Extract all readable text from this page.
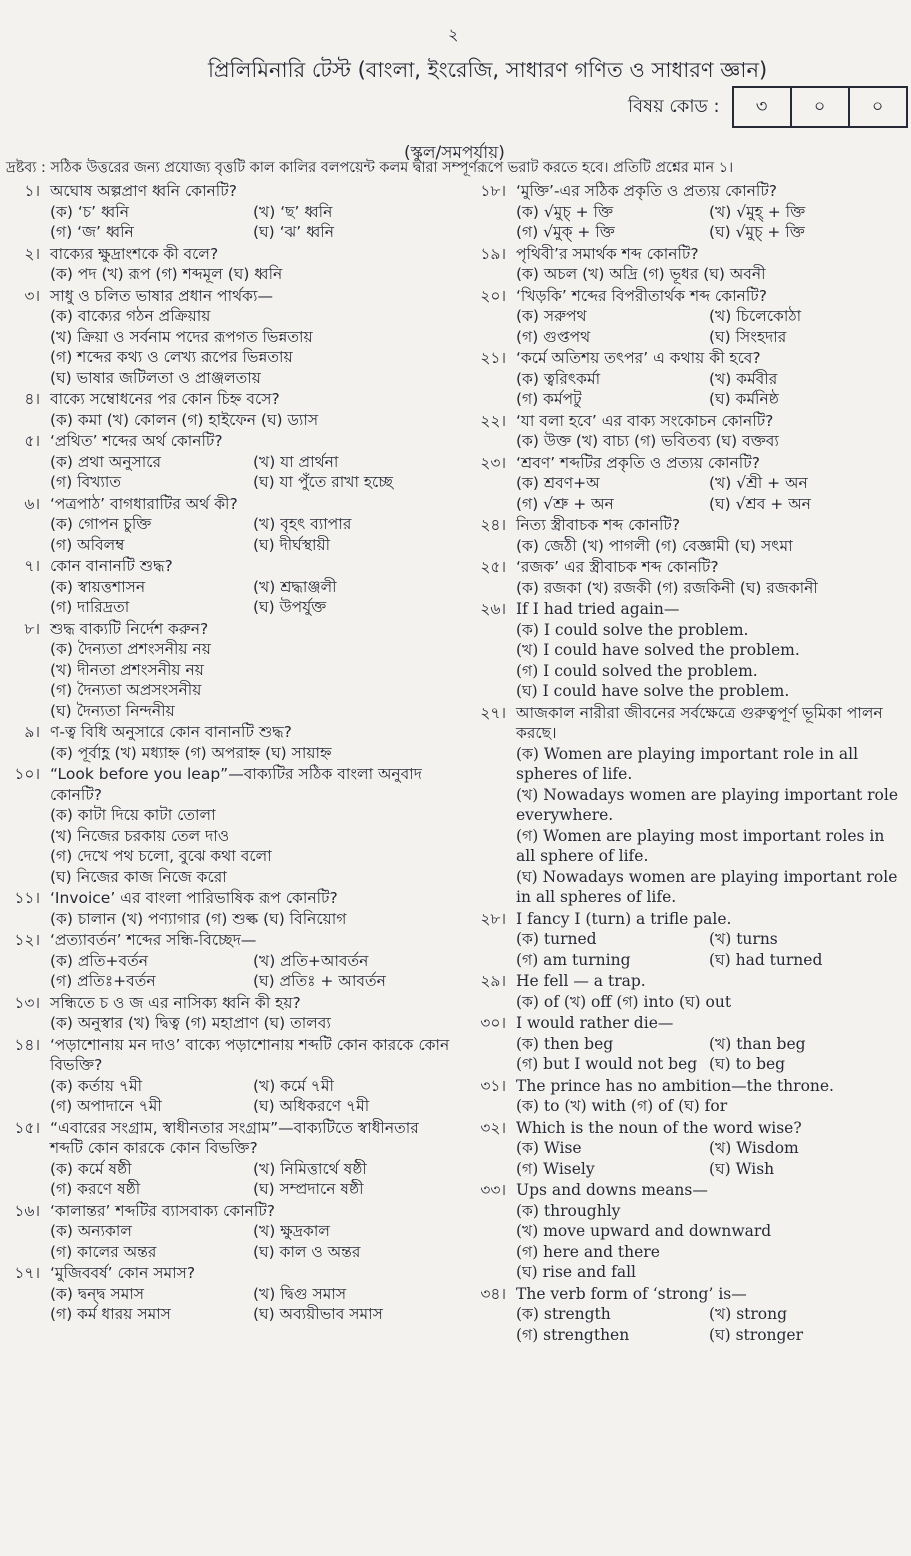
২
প্রিলিমিনারি টেস্ট (বাংলা, ইংরেজি, সাধারণ গণিত ও সাধারণ জ্ঞান)
বিষয় কোড :	৩	০	০
(স্কুল/সমপর্যায়)
দ্রষ্টব্য : সঠিক উত্তরের জন্য প্রযোজ্য বৃত্তটি কাল কালির বলপয়েন্ট কলম দ্বারা সম্পূর্ণরূপে ভরাট করতে হবে। প্রতিটি প্রশ্নের মান ১।
১। অঘোষ অল্পপ্রাণ ধ্বনি কোনটি?
(ক) ‘চ’ ধ্বনি	(খ) ‘ছ’ ধ্বনি
(গ) ‘জ’ ধ্বনি	(ঘ) ‘ঝ’ ধ্বনি
২। বাক্যের ক্ষুদ্রাংশকে কী বলে?
(ক) পদ (খ) রূপ (গ) শব্দমূল (ঘ) ধ্বনি
৩। সাধু ও চলিত ভাষার প্রধান পার্থক্য—
(ক) বাক্যের গঠন প্রক্রিয়ায়
(খ) ক্রিয়া ও সর্বনাম পদের রূপগত ভিন্নতায়
(গ) শব্দের কথ্য ও লেখ্য রূপের ভিন্নতায়
(ঘ) ভাষার জটিলতা ও প্রাঞ্জলতায়
৪। বাক্যে সম্বোধনের পর কোন চিহ্ন বসে?
(ক) কমা (খ) কোলন (গ) হাইফেন (ঘ) ড্যাস
৫। ‘প্রথিত’ শব্দের অর্থ কোনটি?
(ক) প্রথা অনুসারে	(খ) যা প্রার্থনা
(গ) বিখ্যাত	(ঘ) যা পুঁতে রাখা হচ্ছে
৬। ‘পত্রপাঠ’ বাগধারাটির অর্থ কী?
(ক) গোপন চুক্তি	(খ) বৃহৎ ব্যাপার
(গ) অবিলম্ব	(ঘ) দীর্ঘস্থায়ী
৭। কোন বানানটি শুদ্ধ?
(ক) স্বায়ত্তশাসন	(খ) শ্রদ্ধাঞ্জলী
(গ) দারিদ্রতা	(ঘ) উপর্যুক্ত
৮। শুদ্ধ বাক্যটি নির্দেশ করুন?
(ক) দৈন্যতা প্রশংসনীয় নয়
(খ) দীনতা প্রশংসনীয় নয়
(গ) দৈন্যতা অপ্রসংসনীয়
(ঘ) দৈন্যতা নিন্দনীয়
৯। ণ-ত্ব বিধি অনুসারে কোন বানানটি শুদ্ধ?
(ক) পূর্বাহ্ণ (খ) মধ্যাহ্ন (গ) অপরাহ্ন (ঘ) সায়াহ্ন
১০। “Look before you leap”—বাক্যটির সঠিক বাংলা অনুবাদ কোনটি?
(ক) কাটা দিয়ে কাটা তোলা
(খ) নিজের চরকায় তেল দাও
(গ) দেখে পথ চলো, বুঝে কথা বলো
(ঘ) নিজের কাজ নিজে করো
১১। ‘Invoice’ এর বাংলা পারিভাষিক রূপ কোনটি?
(ক) চালান (খ) পণ্যাগার (গ) শুল্ক (ঘ) বিনিয়োগ
১২। ‘প্রত্যাবর্তন’ শব্দের সন্ধি-বিচ্ছেদ—
(ক) প্রতি+বর্তন	(খ) প্রতি+আবর্তন
(গ) প্রতিঃ+বর্তন	(ঘ) প্রতিঃ + আবর্তন
১৩। সন্ধিতে চ ও জ এর নাসিক্য ধ্বনি কী হয়?
(ক) অনুস্বার (খ) দ্বিত্ব (গ) মহাপ্রাণ (ঘ) তালব্য
১৪। ‘পড়াশোনায় মন দাও’ বাক্যে পড়াশোনায় শব্দটি কোন কারকে কোন বিভক্তি?
(ক) কর্তায় ৭মী	(খ) কর্মে ৭মী
(গ) অপাদানে ৭মী	(ঘ) অধিকরণে ৭মী
১৫। “এবারের সংগ্রাম, স্বাধীনতার সংগ্রাম”—বাক্যটিতে স্বাধীনতার শব্দটি কোন কারকে কোন বিভক্তি?
(ক) কর্মে ষষ্ঠী	(খ) নিমিত্তার্থে ষষ্ঠী
(গ) করণে ষষ্ঠী	(ঘ) সম্প্রদানে ষষ্ঠী
১৬। ‘কালান্তর’ শব্দটির ব্যাসবাক্য কোনটি?
(ক) অন্যকাল	(খ) ক্ষুদ্রকাল
(গ) কালের অন্তর	(ঘ) কাল ও অন্তর
১৭। ‘মুজিববর্ষ’ কোন সমাস?
(ক) দ্বন্দ্ব সমাস	(খ) দ্বিগু সমাস
(গ) কর্ম ধারয় সমাস	(ঘ) অব্যয়ীভাব সমাস
১৮। ‘মুক্তি’-এর সঠিক প্রকৃতি ও প্রত্যয় কোনটি?
(ক) √মুচ্ + ক্তি	(খ) √মুহ্ + ক্তি
(গ) √মুক্ + ক্তি	(ঘ) √মুচ্ + ক্তি
১৯। পৃথিবী’র সমার্থক শব্দ কোনটি?
(ক) অচল (খ) অদ্রি (গ) ভূধর (ঘ) অবনী
২০। ‘খিড়কি’ শব্দের বিপরীতার্থক শব্দ কোনটি?
(ক) সরুপথ	(খ) চিলেকোঠা
(গ) গুপ্তপথ	(ঘ) সিংহদার
২১। ‘কর্মে অতিশয় তৎপর’ এ কথায় কী হবে?
(ক) ত্বরিৎকর্মা	(খ) কর্মবীর
(গ) কর্মপটু	(ঘ) কর্মনিষ্ঠ
২২। ‘যা বলা হবে’ এর বাক্য সংকোচন কোনটি?
(ক) উক্ত (খ) বাচ্য (গ) ভবিতব্য (ঘ) বক্তব্য
২৩। ‘শ্রবণ’ শব্দটির প্রকৃতি ও প্রত্যয় কোনটি?
(ক) শ্রবণ+অ	(খ) √শ্রী + অন
(গ) √শ্রু + অন	(ঘ) √শ্রব + অন
২৪। নিত্য স্ত্রীবাচক শব্দ কোনটি?
(ক) জেঠী (খ) পাগলী (গ) বেজ্ঞামী (ঘ) সৎমা
২৫। ‘রজক’ এর স্ত্রীবাচক শব্দ কোনটি?
(ক) রজকা (খ) রজকী (গ) রজকিনী (ঘ) রজকানী
২৬। If I had tried again—
(ক) I could solve the problem.
(খ) I could have solved the problem.
(গ) I could solved the problem.
(ঘ) I could have solve the problem.
২৭। আজকাল নারীরা জীবনের সর্বক্ষেত্রে গুরুত্বপূর্ণ ভূমিকা পালন করছে।
(ক) Women are playing important role in all spheres of life.
(খ) Nowadays women are playing important role everywhere.
(গ) Women are playing most important roles in all sphere of life.
(ঘ) Nowadays women are playing important role in all spheres of life.
২৮। I fancy I (turn) a trifle pale.
(ক) turned	(খ) turns
(গ) am turning	(ঘ) had turned
২৯। He fell — a trap.
(ক) of (খ) off (গ) into (ঘ) out
৩০। I would rather die—
(ক) then beg	(খ) than beg
(গ) but I would not beg (ঘ) to beg
৩১। The prince has no ambition—the throne.
(ক) to (খ) with (গ) of (ঘ) for
৩২। Which is the noun of the word wise?
(ক) Wise	(খ) Wisdom
(গ) Wisely	(ঘ) Wish
৩৩। Ups and downs means—
(ক) throughly
(খ) move upward and downward
(গ) here and there
(ঘ) rise and fall
৩৪। The verb form of ‘strong’ is—
(ক) strength	(খ) strong
(গ) strengthen	(ঘ) stronger
